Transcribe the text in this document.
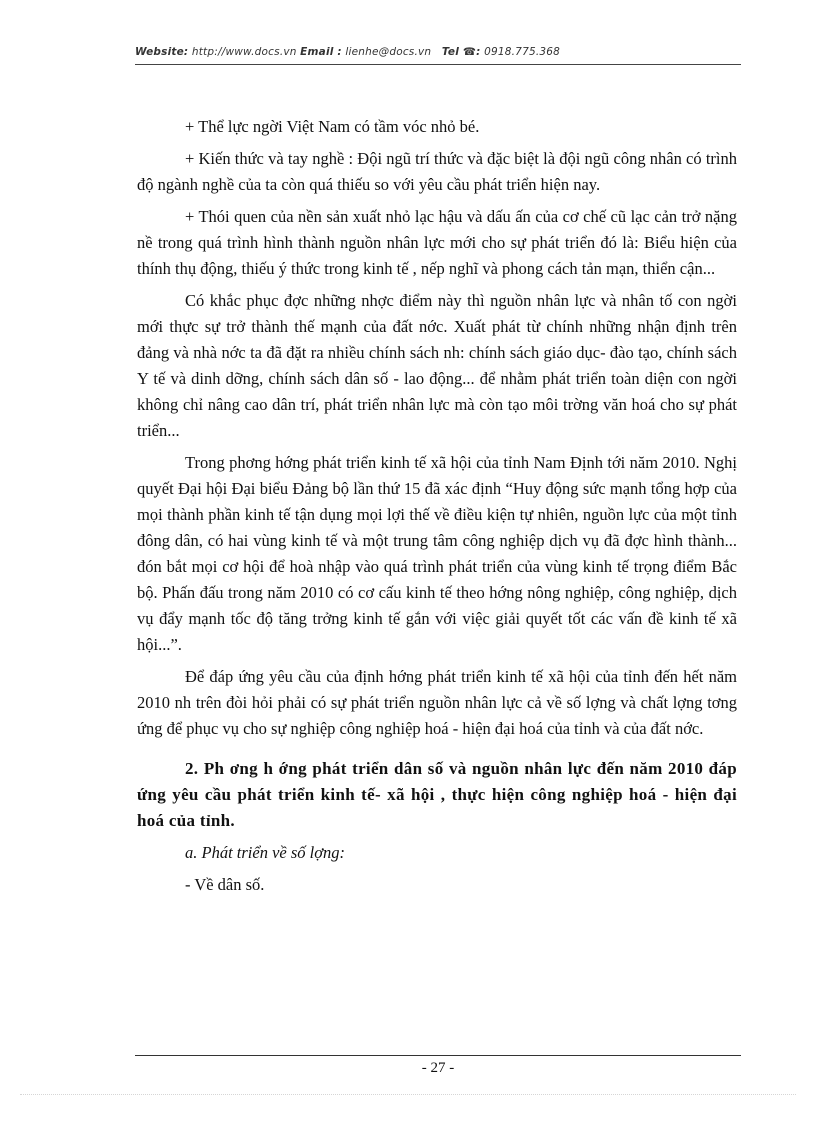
Website: http://www.docs.vn Email : lienhe@docs.vn Tel ☎: 0918.775.368

+ Thể lực ngời Việt Nam có tầm vóc nhỏ bé.

+ Kiến thức và tay nghề : Đội ngũ trí thức và đặc biệt là đội ngũ công nhân có trình độ ngành nghề của ta còn quá thiếu so với yêu cầu phát triển hiện nay.

+ Thói quen của nền sản xuất nhỏ lạc hậu và dấu ấn của cơ chế cũ lạc cản trở nặng nề trong quá trình hình thành nguồn nhân lực mới cho sự phát triển đó là: Biểu hiện của thính thụ động, thiếu ý thức trong kinh tế , nếp nghĩ và phong cách tản mạn, thiển cận...

Có khắc phục đợc những nhợc điểm này thì nguồn nhân lực và nhân tố con ngời mới thực sự trở thành thế mạnh của đất nớc. Xuất phát từ chính những nhận định trên đảng và nhà nớc ta đã đặt ra nhiều chính sách nh: chính sách giáo dục- đào tạo, chính sách Y tế và dinh dỡng, chính sách dân số - lao động... để nhằm phát triển toàn diện con ngời không chỉ nâng cao dân trí, phát triển nhân lực mà còn tạo môi trờng văn hoá cho sự phát triển...

Trong phơng hớng phát triển kinh tế xã hội của tỉnh Nam Định tới năm 2010. Nghị quyết Đại hội Đại biểu Đảng bộ lần thứ 15 đã xác định “Huy động sức mạnh tổng hợp của mọi thành phần kinh tế tận dụng mọi lợi thế về điều kiện tự nhiên, nguồn lực của một tỉnh đông dân, có hai vùng kinh tế và một trung tâm công nghiệp dịch vụ đã đợc hình thành... đón bắt mọi cơ hội để hoà nhập vào quá trình phát triển của vùng kinh tế trọng điểm Bắc bộ. Phấn đấu trong năm 2010 có cơ cấu kinh tế theo hớng nông nghiệp, công nghiệp, dịch vụ đẩy mạnh tốc độ tăng trởng kinh tế gắn với việc giải quyết tốt các vấn đề kinh tế xã hội...”.

Để đáp ứng yêu cầu của định hớng phát triển kinh tế xã hội của tỉnh đến hết năm 2010 nh trên đòi hỏi phải có sự phát triển nguồn nhân lực cả về số lợng và chất lợng tơng ứng để phục vụ cho sự nghiệp công nghiệp hoá - hiện đại hoá của tỉnh và của đất nớc.

2. Ph ơng h ớng phát triển dân số và nguồn nhân lực đến năm 2010 đáp ứng yêu cầu phát triển kinh tế- xã hội , thực hiện công nghiệp hoá - hiện đại hoá của tỉnh.

a. Phát triển về số lợng:

- Về dân số.

- 27 -
